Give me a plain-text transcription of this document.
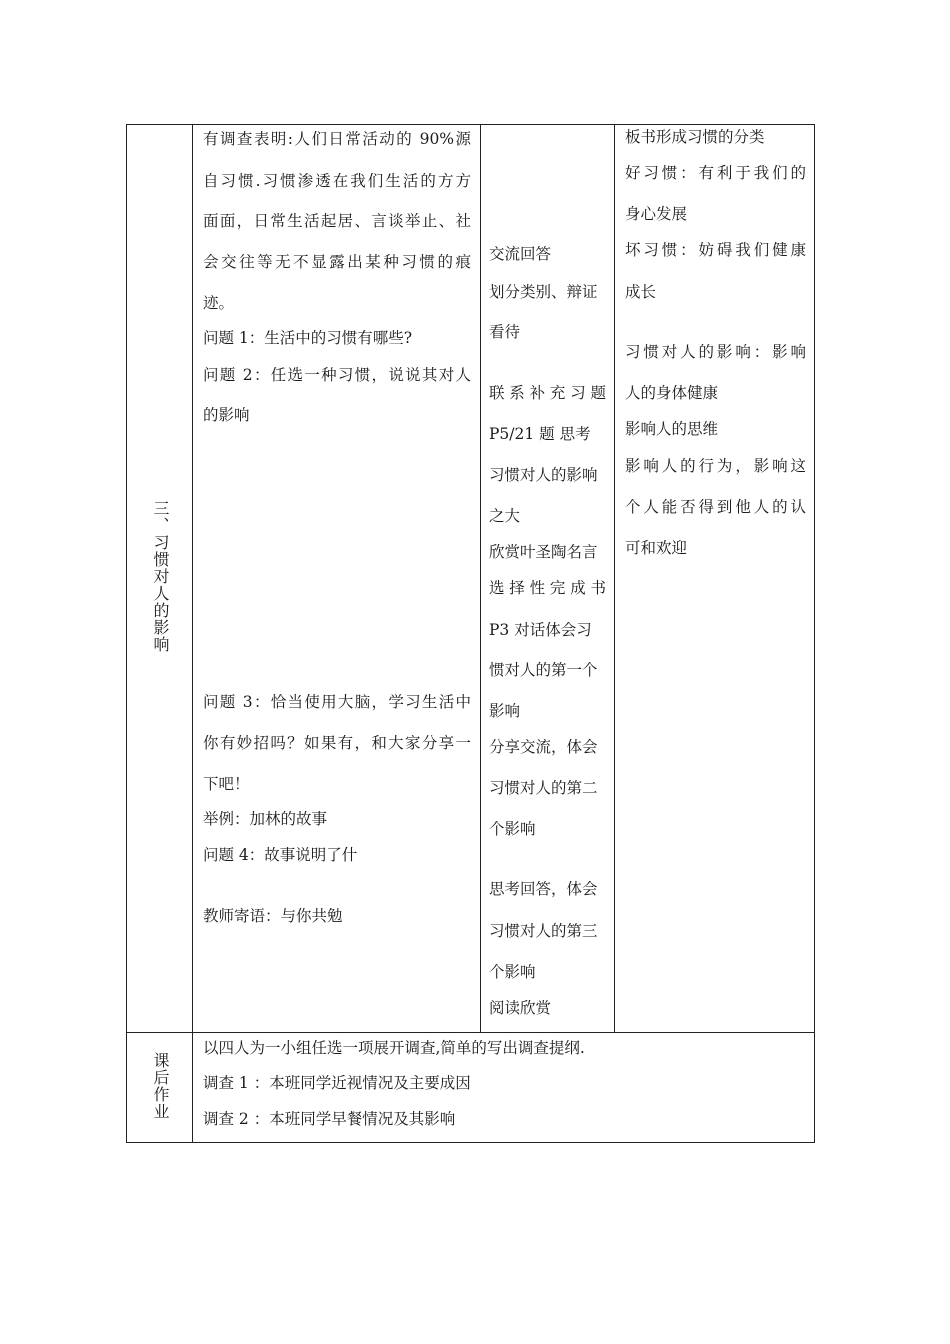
三、习惯对人的影响

有调查表明:人们日常活动的 90%源

自习惯.习惯渗透在我们生活的方方

面面，日常生活起居、言谈举止、社

会交往等无不显露出某种习惯的痕

迹。

问题 1：生活中的习惯有哪些?

问题 2：任选一种习惯，说说其对人

的影响

问题 3：恰当使用大脑，学习生活中

你有妙招吗？如果有，和大家分享一

下吧！

举例：加林的故事

问题 4：故事说明了什

教师寄语：与你共勉

交流回答

划分类别、辩证

看待

联系补充习题

P5/21 题 思考

习惯对人的影响

之大

欣赏叶圣陶名言

选择性完成书

P3 对话体会习

惯对人的第一个

影响

分享交流，体会

习惯对人的第二

个影响

思考回答，体会

习惯对人的第三

个影响

阅读欣赏

板书形成习惯的分类

好习惯：有利于我们的

身心发展

坏习惯：妨碍我们健康

成长

习惯对人的影响：影响

人的身体健康

影响人的思维

影响人的行为，影响这

个人能否得到他人的认

可和欢迎

课后作业

以四人为一小组任选一项展开调查,简单的写出调查提纲.

调查 1 ：本班同学近视情况及主要成因

调查 2 ：本班同学早餐情况及其影响
